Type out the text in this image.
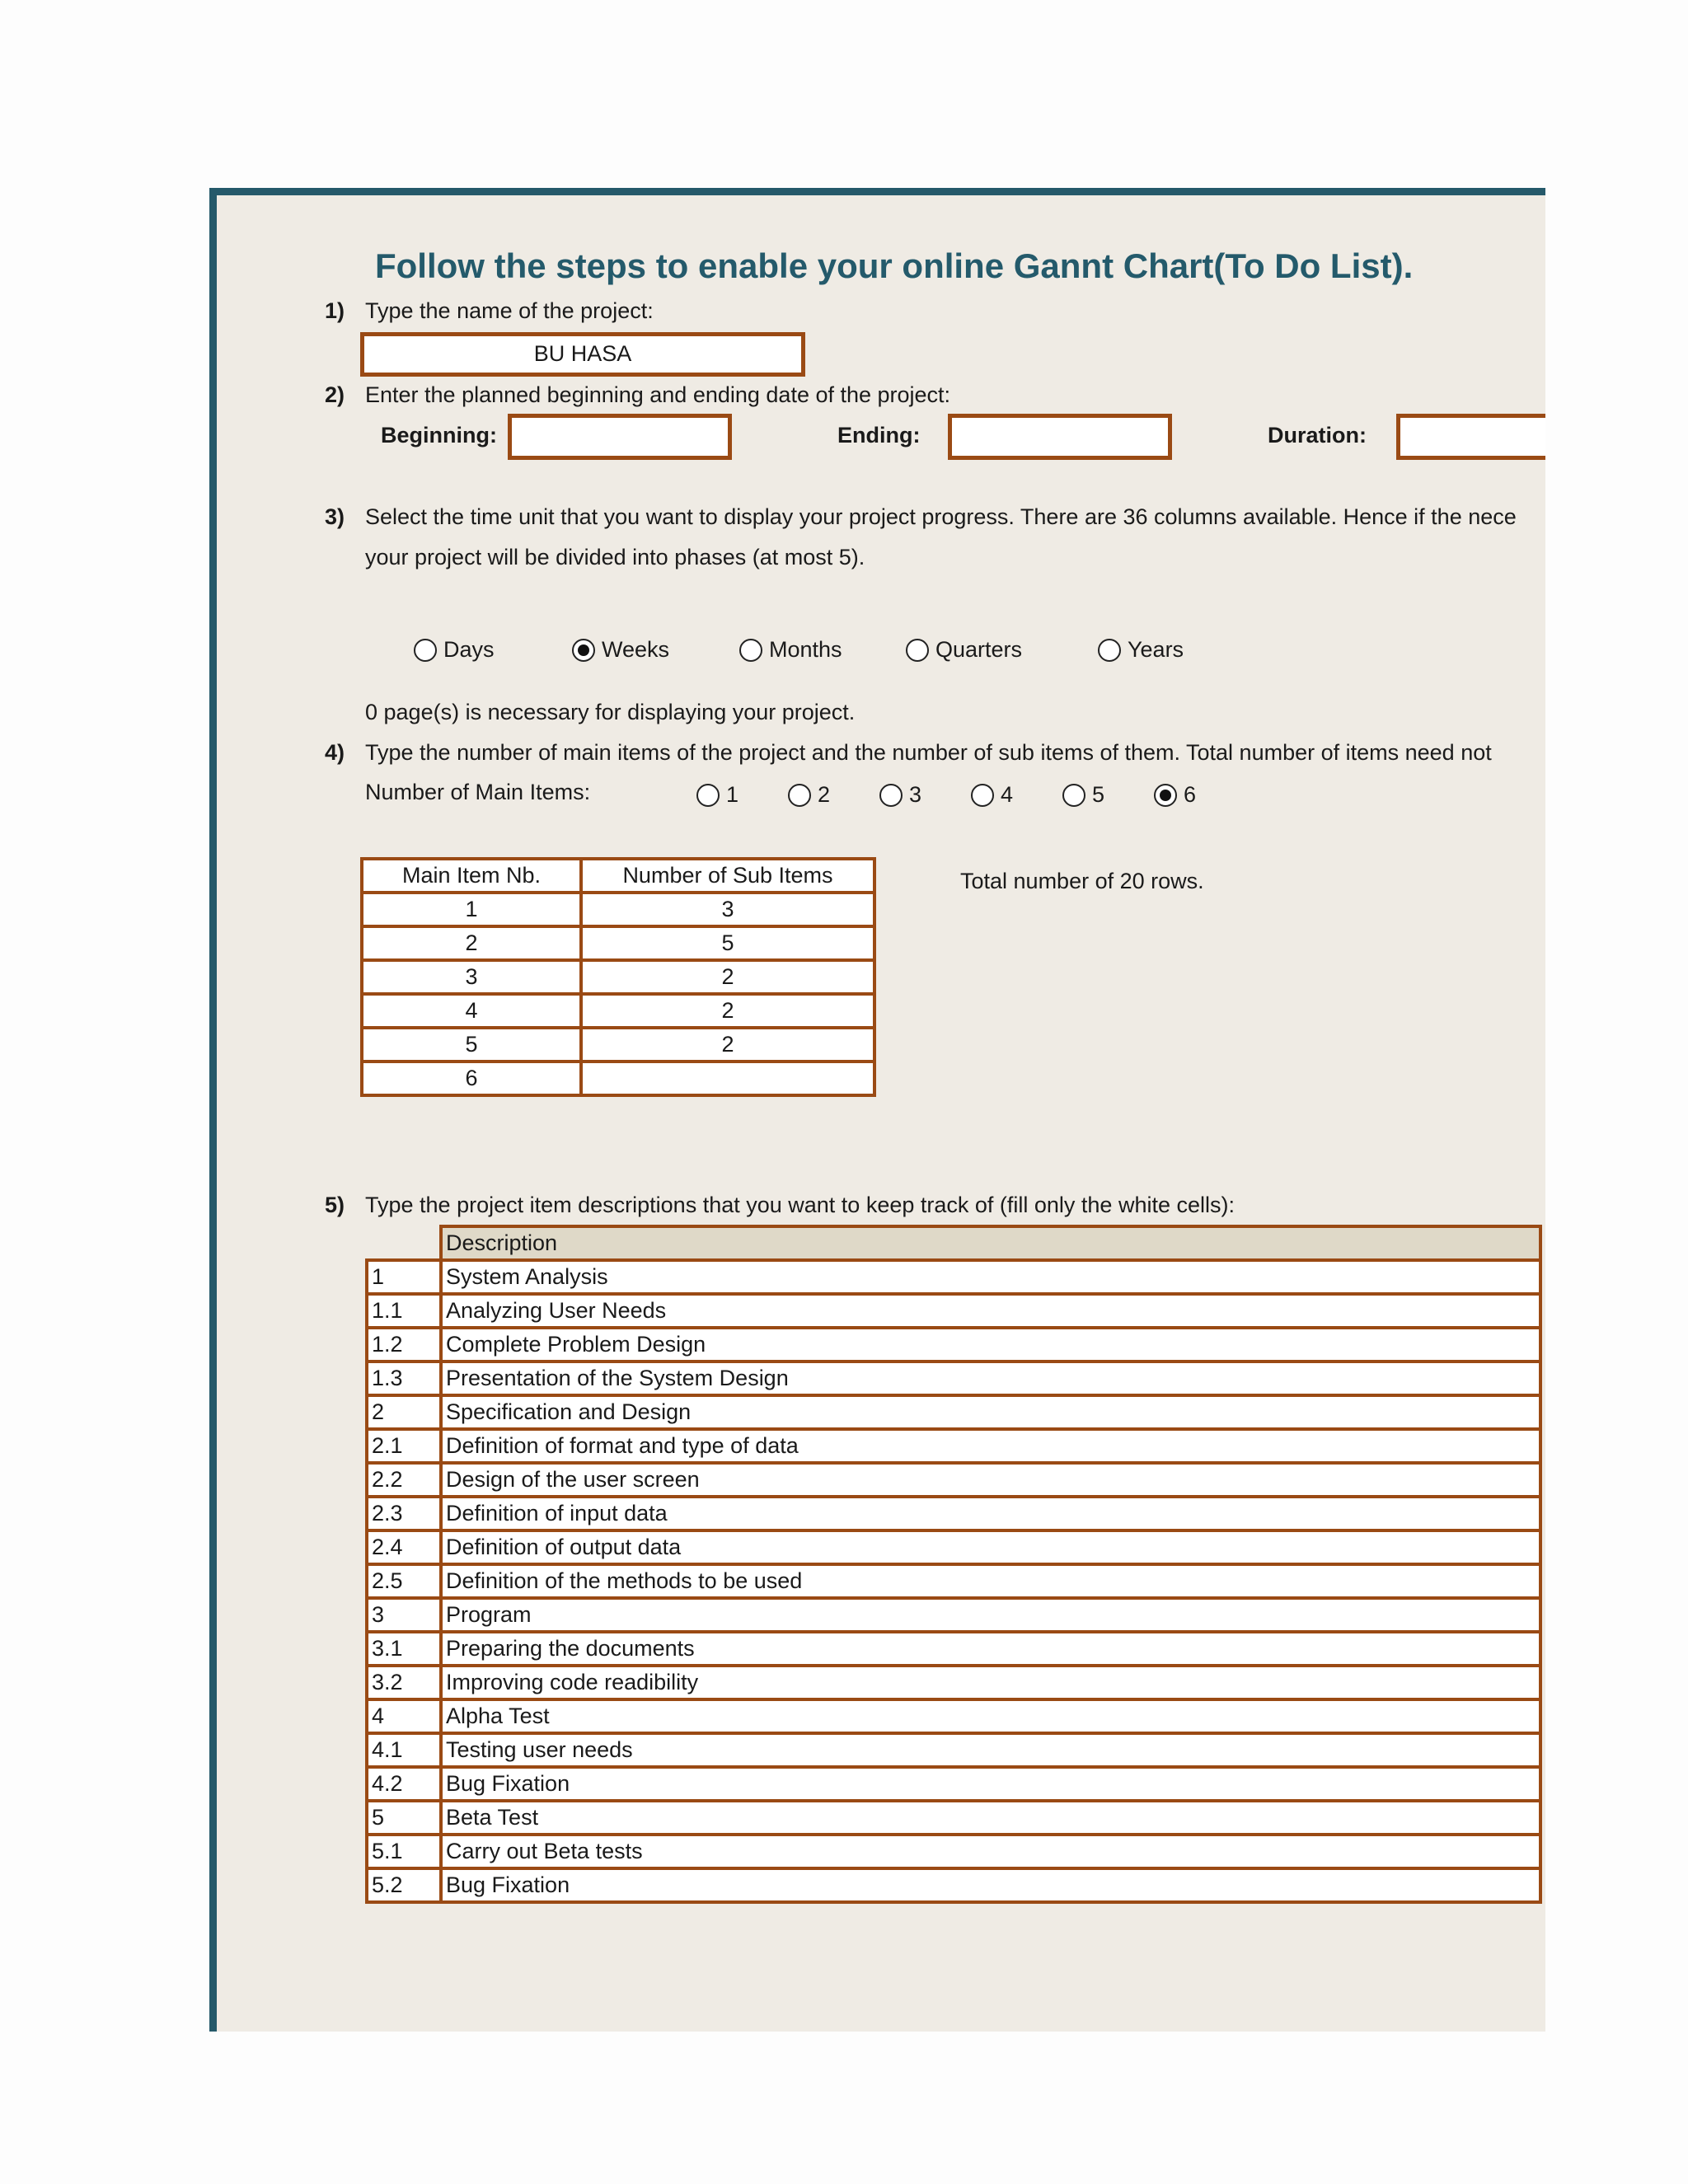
Follow the steps to enable your online Gannt Chart(To Do List).
1) Type the name of the project:
BU HASA
2) Enter the planned beginning and ending date of the project:
Beginning:	Ending:	Duration:
3) Select the time unit that you want to display your project progress. There are 36 columns available. Hence if the nece
your project will be divided into phases (at most 5).
Days	Weeks	Months	Quarters	Years
0 page(s) is necessary for displaying your project.
4) Type the number of main items of the project and the number of sub items of them. Total number of items need not
Number of Main Items:	1	2	3	4	5	6
Main Item Nb.	Number of Sub Items
1	3
2	5
3	2
4	2
5	2
6	
Total number of 20 rows.
5) Type the project item descriptions that you want to keep track of (fill only the white cells):
	Description
1	System Analysis
1.1	Analyzing User Needs
1.2	Complete Problem Design
1.3	Presentation of the System Design
2	Specification and Design
2.1	Definition of format and type of data
2.2	Design of the user screen
2.3	Definition of input data
2.4	Definition of output data
2.5	Definition of the methods to be used
3	Program
3.1	Preparing the documents
3.2	Improving code readibility
4	Alpha Test
4.1	Testing user needs
4.2	Bug Fixation
5	Beta Test
5.1	Carry out Beta tests
5.2	Bug Fixation
